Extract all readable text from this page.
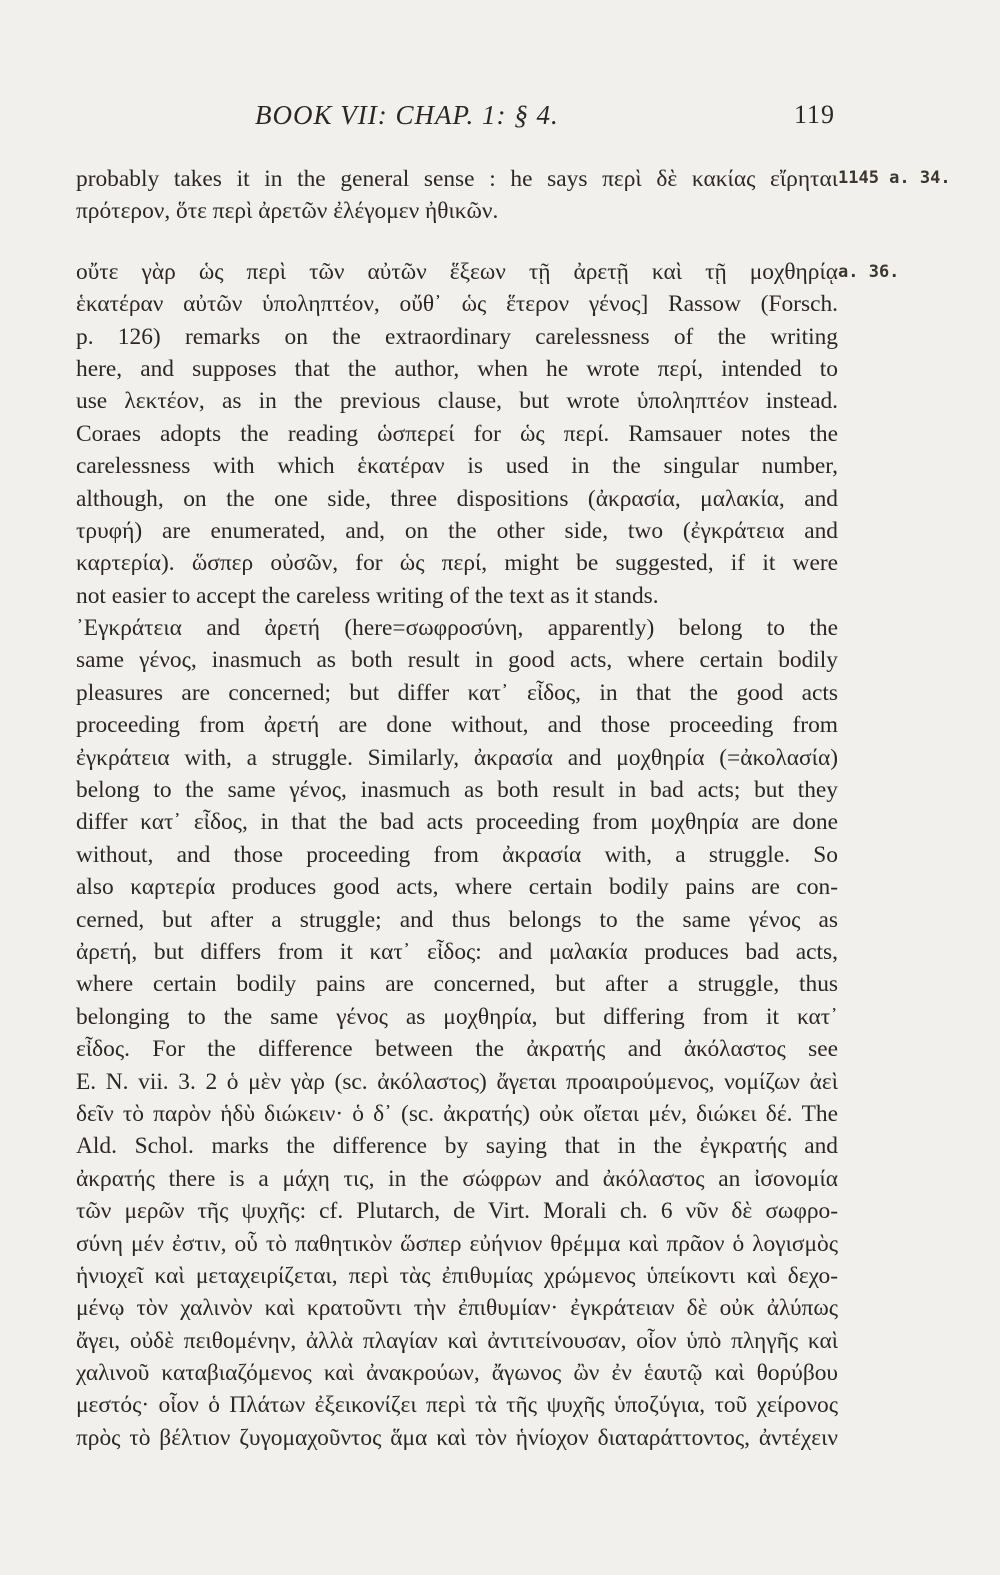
BOOK VII: CHAP. 1: § 4.	119
1145 a. 34.
a. 36.
probably takes it in the general sense : he says περὶ δὲ κακίας εἴρηται
πρότερον, ὅτε περὶ ἀρετῶν ἐλέγομεν ἠθικῶν.
οὔτε γὰρ ὡς περὶ τῶν αὐτῶν ἕξεων τῇ ἀρετῇ καὶ τῇ μοχθηρίᾳ
ἑκατέραν αὐτῶν ὑποληπτέον, οὔθ᾽ ὡς ἕτερον γένος] Rassow (Forsch.
p. 126) remarks on the extraordinary carelessness of the writing
here, and supposes that the author, when he wrote περί, intended to
use λεκτέον, as in the previous clause, but wrote ὑποληπτέον instead.
Coraes adopts the reading ὡσπερεί for ὡς περί. Ramsauer notes the
carelessness with which ἑκατέραν is used in the singular number,
although, on the one side, three dispositions (ἀκρασία, μαλακία, and
τρυφή) are enumerated, and, on the other side, two (ἐγκράτεια and
καρτερία). ὥσπερ οὐσῶν, for ὡς περί, might be suggested, if it were
not easier to accept the careless writing of the text as it stands.
᾽Εγκράτεια and ἀρετή (here=σωφροσύνη, apparently) belong to the
same γένος, inasmuch as both result in good acts, where certain bodily
pleasures are concerned; but differ κατ᾽ εἶδος, in that the good acts
proceeding from ἀρετή are done without, and those proceeding from
ἐγκράτεια with, a struggle. Similarly, ἀκρασία and μοχθηρία (=ἀκολασία)
belong to the same γένος, inasmuch as both result in bad acts; but they
differ κατ᾽ εἶδος, in that the bad acts proceeding from μοχθηρία are done
without, and those proceeding from ἀκρασία with, a struggle. So
also καρτερία produces good acts, where certain bodily pains are con-
cerned, but after a struggle; and thus belongs to the same γένος as
ἀρετή, but differs from it κατ᾽ εἶδος: and μαλακία produces bad acts,
where certain bodily pains are concerned, but after a struggle, thus
belonging to the same γένος as μοχθηρία, but differing from it κατ᾽
εἶδος. For the difference between the ἀκρατής and ἀκόλαστος see
E. N. vii. 3. 2 ὁ μὲν γὰρ (sc. ἀκόλαστος) ἄγεται προαιρούμενος, νομίζων ἀεὶ
δεῖν τὸ παρὸν ἡδὺ διώκειν· ὁ δ᾽ (sc. ἀκρατής) οὐκ οἴεται μέν, διώκει δέ. The
Ald. Schol. marks the difference by saying that in the ἐγκρατής and
ἀκρατής there is a μάχη τις, in the σώφρων and ἀκόλαστος an ἰσονομία
τῶν μερῶν τῆς ψυχῆς: cf. Plutarch, de Virt. Morali ch. 6 νῦν δὲ σωφρο-
σύνη μέν ἐστιν, οὗ τὸ παθητικὸν ὥσπερ εὐήνιον θρέμμα καὶ πρᾶον ὁ λογισμὸς
ἡνιοχεῖ καὶ μεταχειρίζεται, περὶ τὰς ἐπιθυμίας χρώμενος ὑπείκοντι καὶ δεχο-
μένῳ τὸν χαλινὸν καὶ κρατοῦντι τὴν ἐπιθυμίαν· ἐγκράτειαν δὲ οὐκ ἀλύπως
ἄγει, οὐδὲ πειθομένην, ἀλλὰ πλαγίαν καὶ ἀντιτείνουσαν, οἷον ὑπὸ πληγῆς καὶ
χαλινοῦ καταβιαζόμενος καὶ ἀνακρούων, ἄγωνος ὢν ἐν ἑαυτῷ καὶ θορύβου
μεστός· οἷον ὁ Πλάτων ἐξεικονίζει περὶ τὰ τῆς ψυχῆς ὑποζύγια, τοῦ χείρονος
πρὸς τὸ βέλτιον ζυγομαχοῦντος ἅμα καὶ τὸν ἡνίοχον διαταράττοντος, ἀντέχειν
